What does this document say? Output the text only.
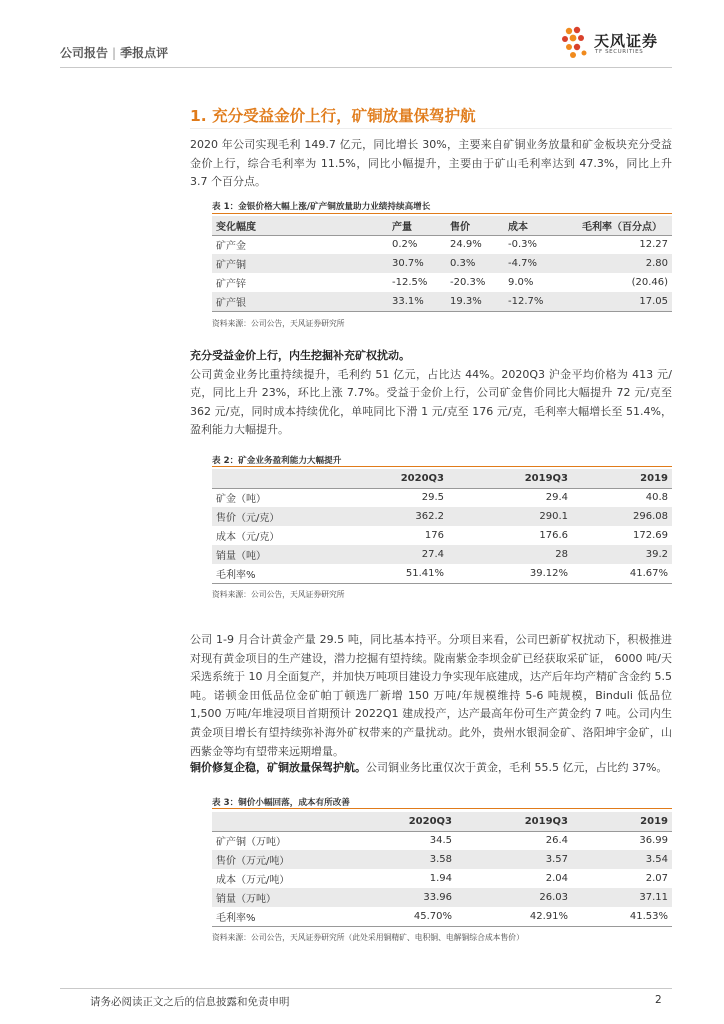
公司报告 | 季报点评
天风证券
TF SECURITIES
1. 充分受益金价上行，矿铜放量保驾护航

2020 年公司实现毛利 149.7 亿元，同比增长 30%，主要来自矿铜业务放量和矿金板块充分受益金价上行，综合毛利率为 11.5%，同比小幅提升，主要由于矿山毛利率达到 47.3%，同比上升 3.7 个百分点。

表 1：金银价格大幅上涨/矿产铜放量助力业绩持续高增长
变化幅度	产量	售价	成本	毛利率（百分点）
矿产金	0.2%	24.9%	-0.3%	12.27
矿产铜	30.7%	0.3%	-4.7%	2.80
矿产锌	-12.5%	-20.3%	9.0%	(20.46)
矿产银	33.1%	19.3%	-12.7%	17.05
资料来源：公司公告，天风证券研究所

充分受益金价上行，内生挖掘补充矿权扰动。
公司黄金业务比重持续提升，毛利约 51 亿元，占比达 44%。2020Q3 沪金平均价格为 413 元/克，同比上升 23%，环比上涨 7.7%。受益于金价上行，公司矿金售价同比大幅提升 72 元/克至 362 元/克，同时成本持续优化，单吨同比下滑 1 元/克至 176 元/克，毛利率大幅增长至 51.4%，盈利能力大幅提升。

表 2：矿金业务盈利能力大幅提升
	2020Q3	2019Q3	2019
矿金（吨）	29.5	29.4	40.8
售价（元/克）	362.2	290.1	296.08
成本（元/克）	176	176.6	172.69
销量（吨）	27.4	28	39.2
毛利率%	51.41%	39.12%	41.67%
资料来源：公司公告，天风证券研究所

公司 1-9 月合计黄金产量 29.5 吨，同比基本持平。分项目来看，公司巴新矿权扰动下，积极推进对现有黄金项目的生产建设，潜力挖掘有望持续。陇南紫金李坝金矿已经获取采矿证， 6000 吨/天采选系统于 10 月全面复产，并加快万吨项目建设力争实现年底建成，达产后年均产精矿含金约 5.5 吨。诺顿金田低品位金矿帕丁顿选厂新增 150 万吨/年规模维持 5-6 吨规模，Binduli 低品位 1,500 万吨/年堆浸项目首期预计 2022Q1 建成投产，达产最高年份可生产黄金约 7 吨。公司内生黄金项目增长有望持续弥补海外矿权带来的产量扰动。此外，贵州水银洞金矿、洛阳坤宇金矿，山西紫金等均有望带来远期增量。

铜价修复企稳，矿铜放量保驾护航。公司铜业务比重仅次于黄金，毛利 55.5 亿元，占比约 37%。

表 3：铜价小幅回落，成本有所改善
	2020Q3	2019Q3	2019
矿产铜（万吨）	34.5	26.4	36.99
售价（万元/吨）	3.58	3.57	3.54
成本（万元/吨）	1.94	2.04	2.07
销量（万吨）	33.96	26.03	37.11
毛利率%	45.70%	42.91%	41.53%
资料来源：公司公告，天风证券研究所（此处采用铜精矿、电积铜、电解铜综合成本售价）
请务必阅读正文之后的信息披露和免责申明	2
